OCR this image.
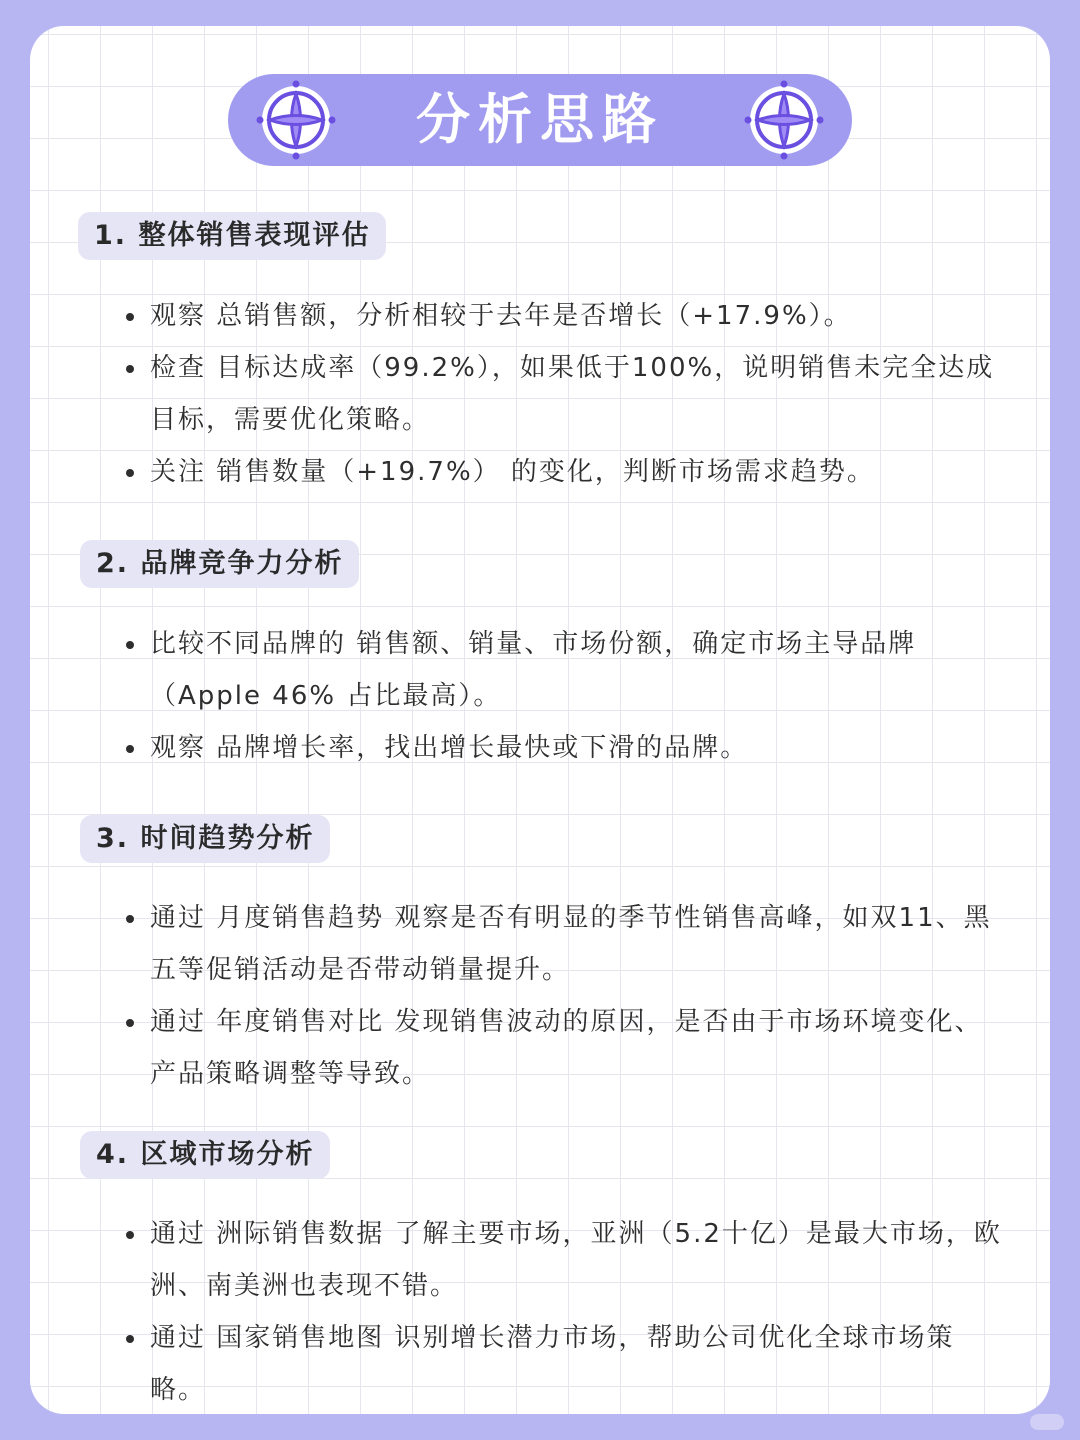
分析思路
1. 整体销售表现评估
观察 总销售额，分析相较于去年是否增长（+17.9%）。
检查 目标达成率（99.2%），如果低于100%，说明销售未完全达成目标，需要优化策略。
关注 销售数量（+19.7%） 的变化，判断市场需求趋势。
2. 品牌竞争力分析
比较不同品牌的 销售额、销量、市场份额，确定市场主导品牌（Apple 46% 占比最高）。
观察 品牌增长率，找出增长最快或下滑的品牌。
3. 时间趋势分析
通过 月度销售趋势 观察是否有明显的季节性销售高峰，如双11、黑五等促销活动是否带动销量提升。
通过 年度销售对比 发现销售波动的原因，是否由于市场环境变化、产品策略调整等导致。
4. 区域市场分析
通过 洲际销售数据 了解主要市场，亚洲（5.2十亿）是最大市场，欧洲、南美洲也表现不错。
通过 国家销售地图 识别增长潜力市场，帮助公司优化全球市场策略。
